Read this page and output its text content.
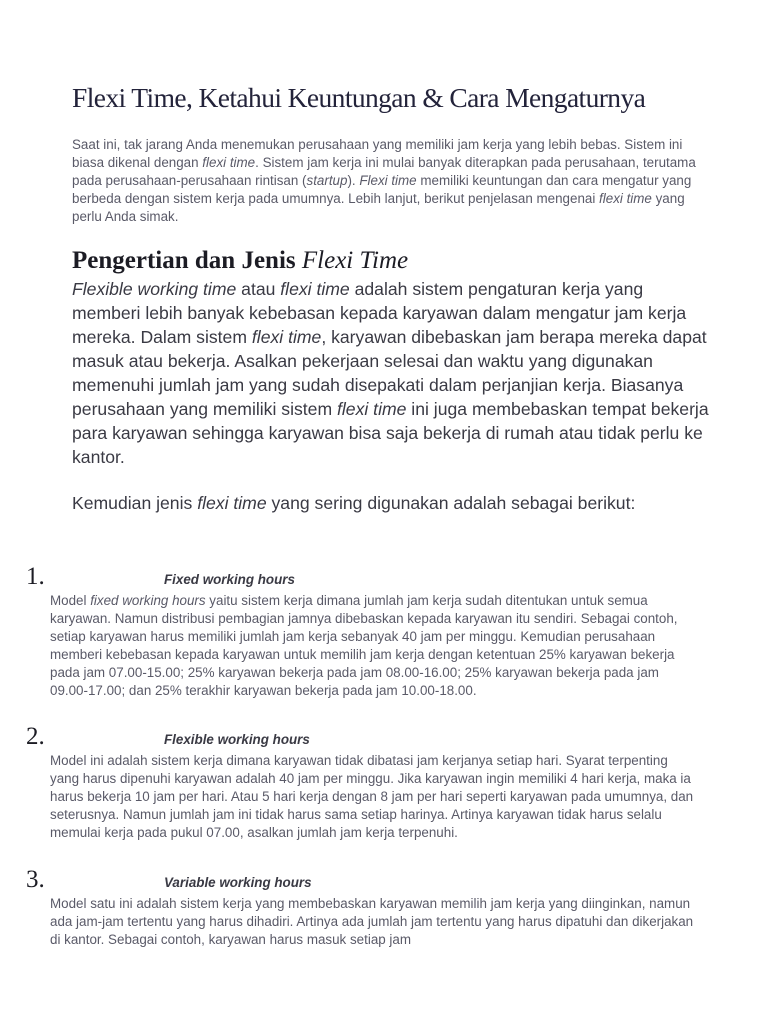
Flexi Time, Ketahui Keuntungan & Cara Mengaturnya

Saat ini, tak jarang Anda menemukan perusahaan yang memiliki jam kerja yang lebih bebas. Sistem ini biasa dikenal dengan flexi time. Sistem jam kerja ini mulai banyak diterapkan pada perusahaan, terutama pada perusahaan-perusahaan rintisan (startup). Flexi time memiliki keuntungan dan cara mengatur yang berbeda dengan sistem kerja pada umumnya. Lebih lanjut, berikut penjelasan mengenai flexi time yang perlu Anda simak.

Pengertian dan Jenis Flexi Time

Flexible working time atau flexi time adalah sistem pengaturan kerja yang memberi lebih banyak kebebasan kepada karyawan dalam mengatur jam kerja mereka. Dalam sistem flexi time, karyawan dibebaskan jam berapa mereka dapat masuk atau bekerja. Asalkan pekerjaan selesai dan waktu yang digunakan memenuhi jumlah jam yang sudah disepakati dalam perjanjian kerja. Biasanya perusahaan yang memiliki sistem flexi time ini juga membebaskan tempat bekerja para karyawan sehingga karyawan bisa saja bekerja di rumah atau tidak perlu ke kantor.

Kemudian jenis flexi time yang sering digunakan adalah sebagai berikut:

1.	Fixed working hours

Model fixed working hours yaitu sistem kerja dimana jumlah jam kerja sudah ditentukan untuk semua karyawan. Namun distribusi pembagian jamnya dibebaskan kepada karyawan itu sendiri. Sebagai contoh, setiap karyawan harus memiliki jumlah jam kerja sebanyak 40 jam per minggu. Kemudian perusahaan memberi kebebasan kepada karyawan untuk memilih jam kerja dengan ketentuan 25% karyawan bekerja pada jam 07.00-15.00; 25% karyawan bekerja pada jam 08.00-16.00; 25% karyawan bekerja pada jam 09.00-17.00; dan 25% terakhir karyawan bekerja pada jam 10.00-18.00.

2.	Flexible working hours

Model ini adalah sistem kerja dimana karyawan tidak dibatasi jam kerjanya setiap hari. Syarat terpenting yang harus dipenuhi karyawan adalah 40 jam per minggu. Jika karyawan ingin memiliki 4 hari kerja, maka ia harus bekerja 10 jam per hari. Atau 5 hari kerja dengan 8 jam per hari seperti karyawan pada umumnya, dan seterusnya. Namun jumlah jam ini tidak harus sama setiap harinya. Artinya karyawan tidak harus selalu memulai kerja pada pukul 07.00, asalkan jumlah jam kerja terpenuhi.

3.	Variable working hours

Model satu ini adalah sistem kerja yang membebaskan karyawan memilih jam kerja yang diinginkan, namun ada jam-jam tertentu yang harus dihadiri. Artinya ada jumlah jam tertentu yang harus dipatuhi dan dikerjakan di kantor. Sebagai contoh, karyawan harus masuk setiap jam
